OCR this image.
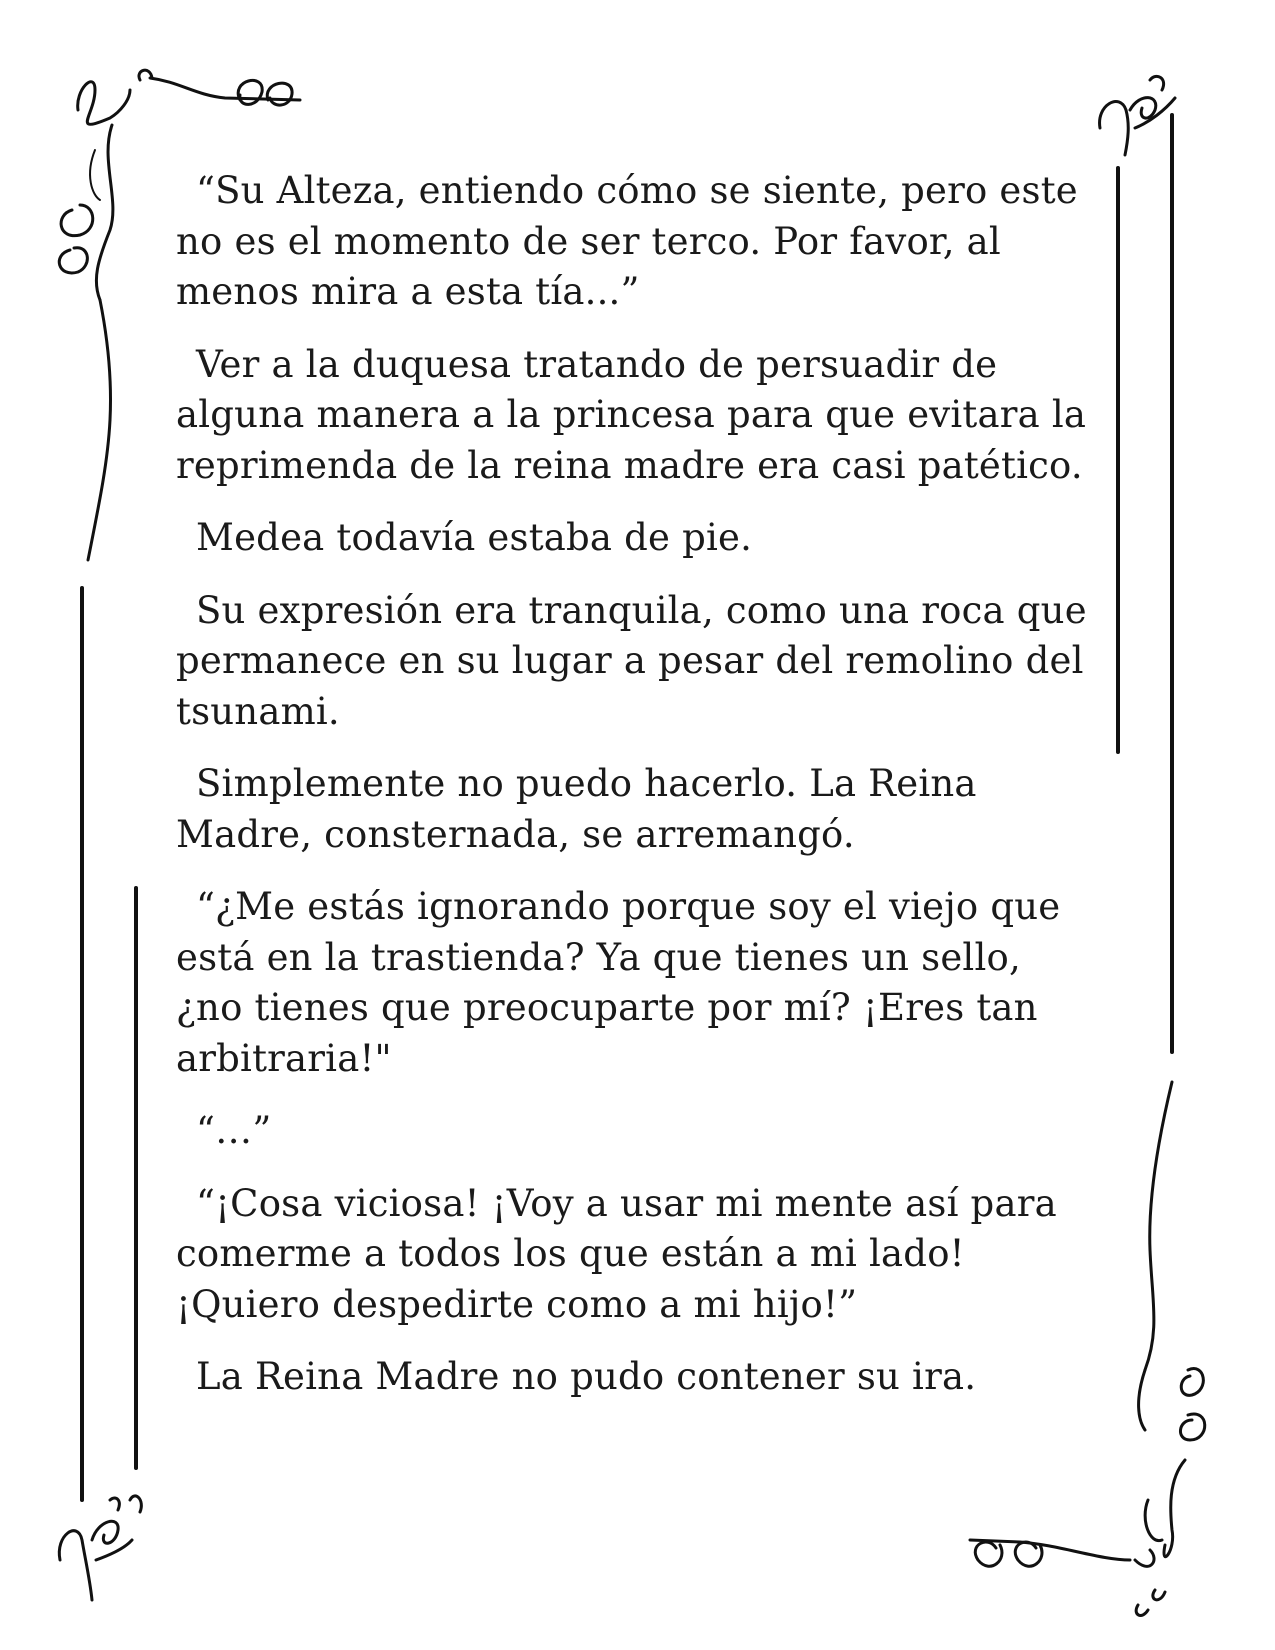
“Su Alteza, entiendo cómo se siente, pero este no es el momento de ser terco. Por favor, al menos mira a esta tía...”

Ver a la duquesa tratando de persuadir de alguna manera a la princesa para que evitara la reprimenda de la reina madre era casi patético.

Medea todavía estaba de pie.

Su expresión era tranquila, como una roca que permanece en su lugar a pesar del remolino del tsunami.

Simplemente no puedo hacerlo. La Reina Madre, consternada, se arremangó.

“¿Me estás ignorando porque soy el viejo que está en la trastienda? Ya que tienes un sello, ¿no tienes que preocuparte por mí? ¡Eres tan arbitraria!"

“…”

“¡Cosa viciosa! ¡Voy a usar mi mente así para comerme a todos los que están a mi lado! ¡Quiero despedirte como a mi hijo!”

La Reina Madre no pudo contener su ira.
